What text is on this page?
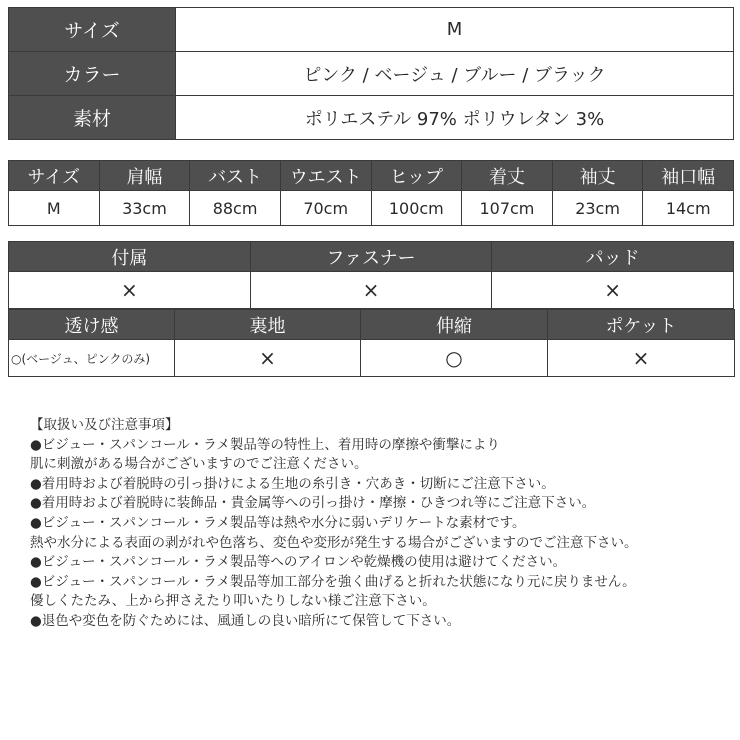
サイズ	M
カラー	ピンク / ベージュ / ブルー / ブラック
素材	ポリエステル 97% ポリウレタン 3%
サイズ	肩幅	バスト	ウエスト	ヒップ	着丈	袖丈	袖口幅
M	33cm	88cm	70cm	100cm	107cm	23cm	14cm
付属	ファスナー	パッド
×	×	×
透け感	裏地	伸縮	ポケット
○(ベージュ、ピンクのみ)	×	○	×
【取扱い及び注意事項】
●ビジュー・スパンコール・ラメ製品等の特性上、着用時の摩擦や衝撃により
肌に刺激がある場合がございますのでご注意ください。
●着用時および着脱時の引っ掛けによる生地の糸引き・穴あき・切断にご注意下さい。
●着用時および着脱時に装飾品・貴金属等への引っ掛け・摩擦・ひきつれ等にご注意下さい。
●ビジュー・スパンコール・ラメ製品等は熱や水分に弱いデリケートな素材です。
熱や水分による表面の剥がれや色落ち、変色や変形が発生する場合がございますのでご注意下さい。
●ビジュー・スパンコール・ラメ製品等へのアイロンや乾燥機の使用は避けてください。
●ビジュー・スパンコール・ラメ製品等加工部分を強く曲げると折れた状態になり元に戻りません。
優しくたたみ、上から押さえたり叩いたりしない様ご注意下さい。
●退色や変色を防ぐためには、風通しの良い暗所にて保管して下さい。
